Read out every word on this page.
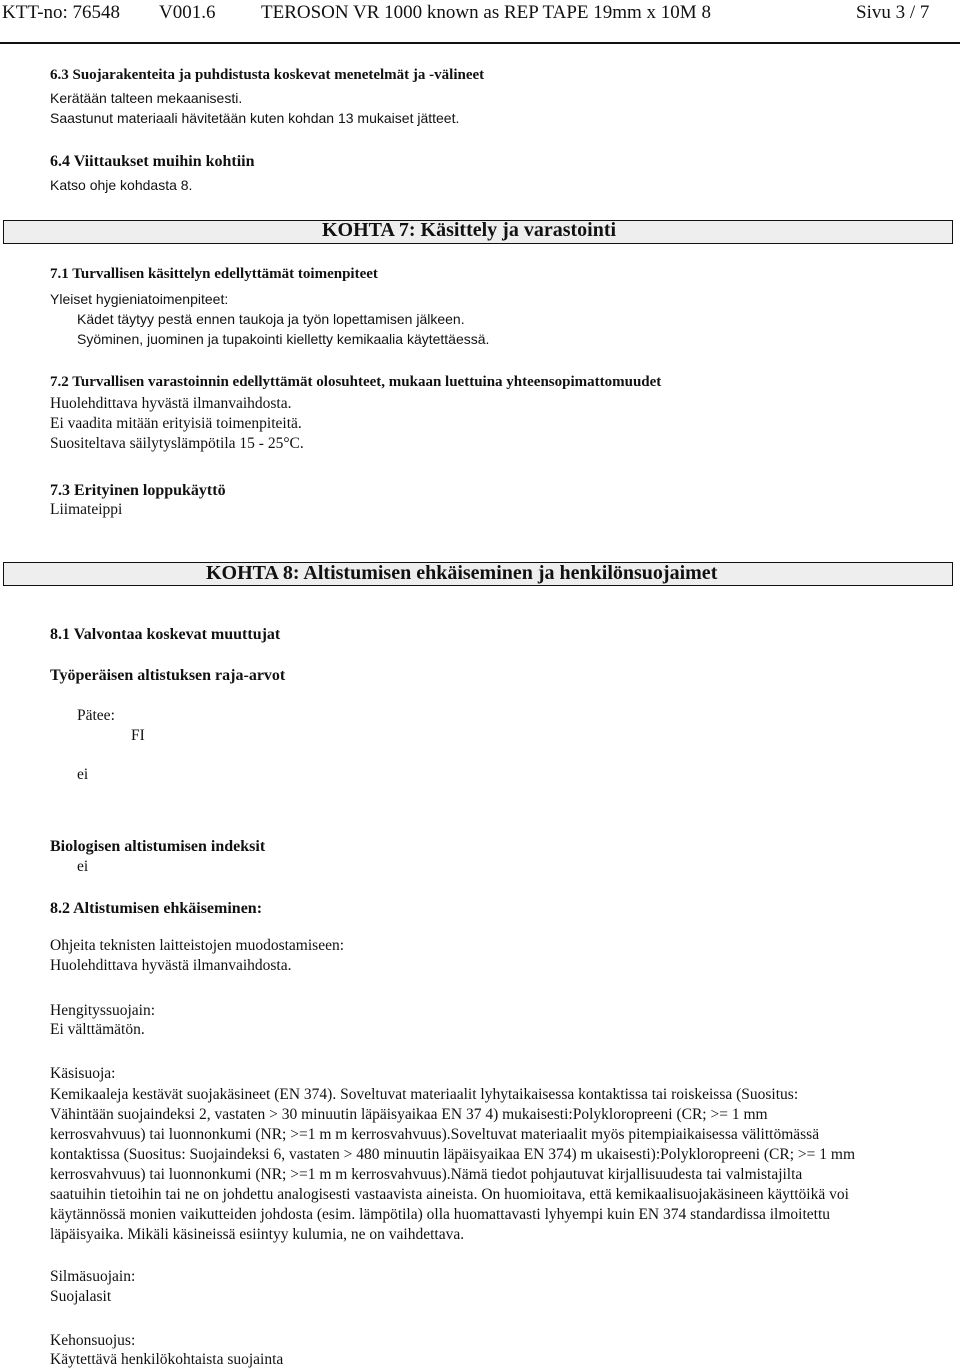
KTT-no: 76548 V001.6 TEROSON VR 1000 known as REP TAPE 19mm x 10M 8	Sivu 3 / 7
6.3 Suojarakenteita ja puhdistusta koskevat menetelmät ja -välineet
Kerätään talteen mekaanisesti.
Saastunut materiaali hävitetään kuten kohdan 13 mukaiset jätteet.
6.4 Viittaukset muihin kohtiin
Katso ohje kohdasta 8.
KOHTA 7: Käsittely ja varastointi
7.1 Turvallisen käsittelyn edellyttämät toimenpiteet
Yleiset hygieniatoimenpiteet:
Kädet täytyy pestä ennen taukoja ja työn lopettamisen jälkeen.
Syöminen, juominen ja tupakointi kielletty kemikaalia käytettäessä.
7.2 Turvallisen varastoinnin edellyttämät olosuhteet, mukaan luettuina yhteensopimattomuudet
Huolehdittava hyvästä ilmanvaihdosta.
Ei vaadita mitään erityisiä toimenpiteitä.
Suositeltava säilytyslämpötila 15 - 25°C.
7.3 Erityinen loppukäyttö
Liimateippi
KOHTA 8: Altistumisen ehkäiseminen ja henkilönsuojaimet
8.1 Valvontaa koskevat muuttujat
Työperäisen altistuksen raja-arvot
Pätee:
FI
ei
Biologisen altistumisen indeksit
ei
8.2 Altistumisen ehkäiseminen:
Ohjeita teknisten laitteistojen muodostamiseen:
Huolehdittava hyvästä ilmanvaihdosta.
Hengityssuojain:
Ei välttämätön.
Käsisuoja:
Kemikaaleja kestävät suojakäsineet (EN 374). Soveltuvat materiaalit lyhytaikaisessa kontaktissa tai roiskeissa (Suositus:
Vähintään suojaindeksi 2, vastaten > 30 minuutin läpäisyaikaa EN 37 4) mukaisesti:Polykloropreeni (CR; >= 1 mm
kerrosvahvuus) tai luonnonkumi (NR; >=1 m m kerrosvahvuus).Soveltuvat materiaalit myös pitempiaikaisessa välittömässä
kontaktissa (Suositus: Suojaindeksi 6, vastaten > 480 minuutin läpäisyaikaa EN 374) m ukaisesti):Polykloropreeni (CR; >= 1 mm
kerrosvahvuus) tai luonnonkumi (NR; >=1 m m kerrosvahvuus).Nämä tiedot pohjautuvat kirjallisuudesta tai valmistajilta
saatuihin tietoihin tai ne on johdettu analogisesti vastaavista aineista. On huomioitava, että kemikaalisuojakäsineen käyttöikä voi
käytännössä monien vaikutteiden johdosta (esim. lämpötila) olla huomattavasti lyhyempi kuin EN 374 standardissa ilmoitettu
läpäisyaika. Mikäli käsineissä esiintyy kulumia, ne on vaihdettava.
Silmäsuojain:
Suojalasit
Kehonsuojus:
Käytettävä henkilökohtaista suojainta
